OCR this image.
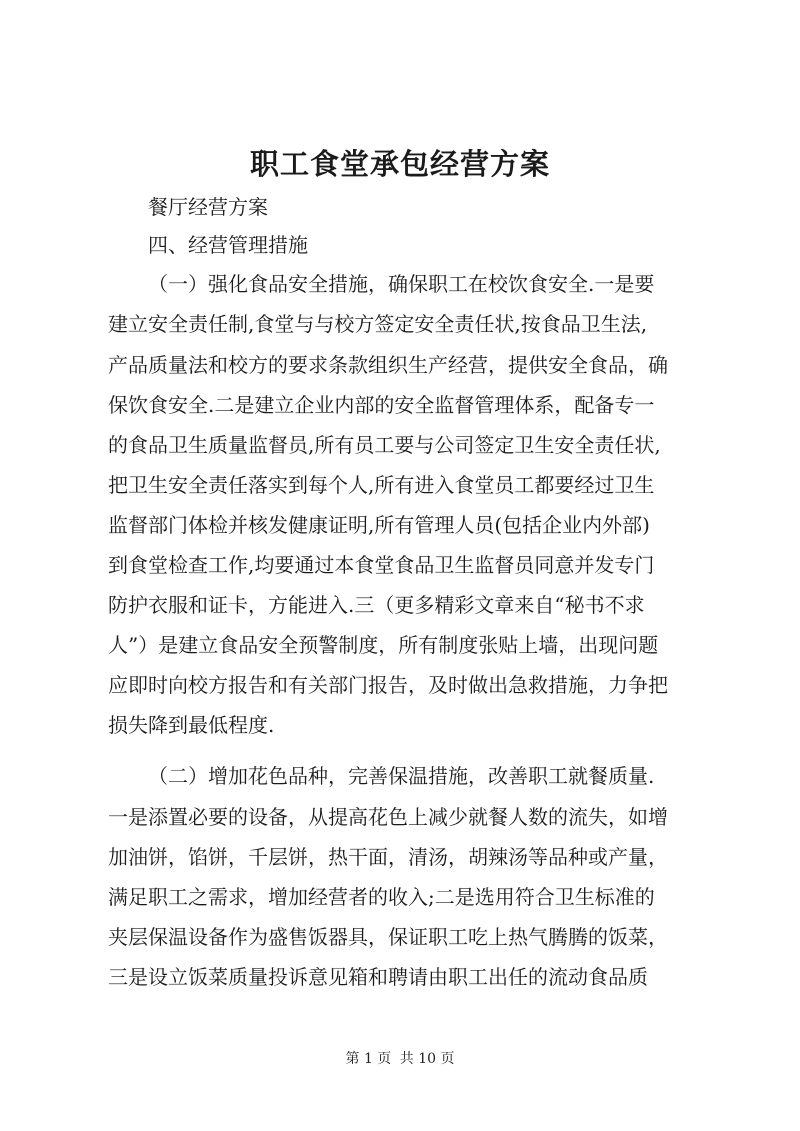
职工食堂承包经营方案
餐厅经营方案
四、经营管理措施
（一）强化食品安全措施，确保职工在校饮食安全.一是要
建立安全责任制,食堂与与校方签定安全责任状,按食品卫生法,
产品质量法和校方的要求条款组织生产经营，提供安全食品，确
保饮食安全.二是建立企业内部的安全监督管理体系，配备专一
的食品卫生质量监督员,所有员工要与公司签定卫生安全责任状,
把卫生安全责任落实到每个人,所有进入食堂员工都要经过卫生
监督部门体检并核发健康证明,所有管理人员(包括企业内外部)
到食堂检查工作,均要通过本食堂食品卫生监督员同意并发专门
防护衣服和证卡，方能进入.三（更多精彩文章来自“秘书不求
人”）是建立食品安全预警制度，所有制度张贴上墙，出现问题
应即时向校方报告和有关部门报告，及时做出急救措施，力争把
损失降到最低程度.
（二）增加花色品种，完善保温措施，改善职工就餐质量.
一是添置必要的设备，从提高花色上减少就餐人数的流失，如增
加油饼，馅饼，千层饼，热干面，清汤，胡辣汤等品种或产量，
满足职工之需求，增加经营者的收入;二是选用符合卫生标准的
夹层保温设备作为盛售饭器具，保证职工吃上热气腾腾的饭菜，
三是设立饭菜质量投诉意见箱和聘请由职工出任的流动食品质
第 1 页 共 10 页
